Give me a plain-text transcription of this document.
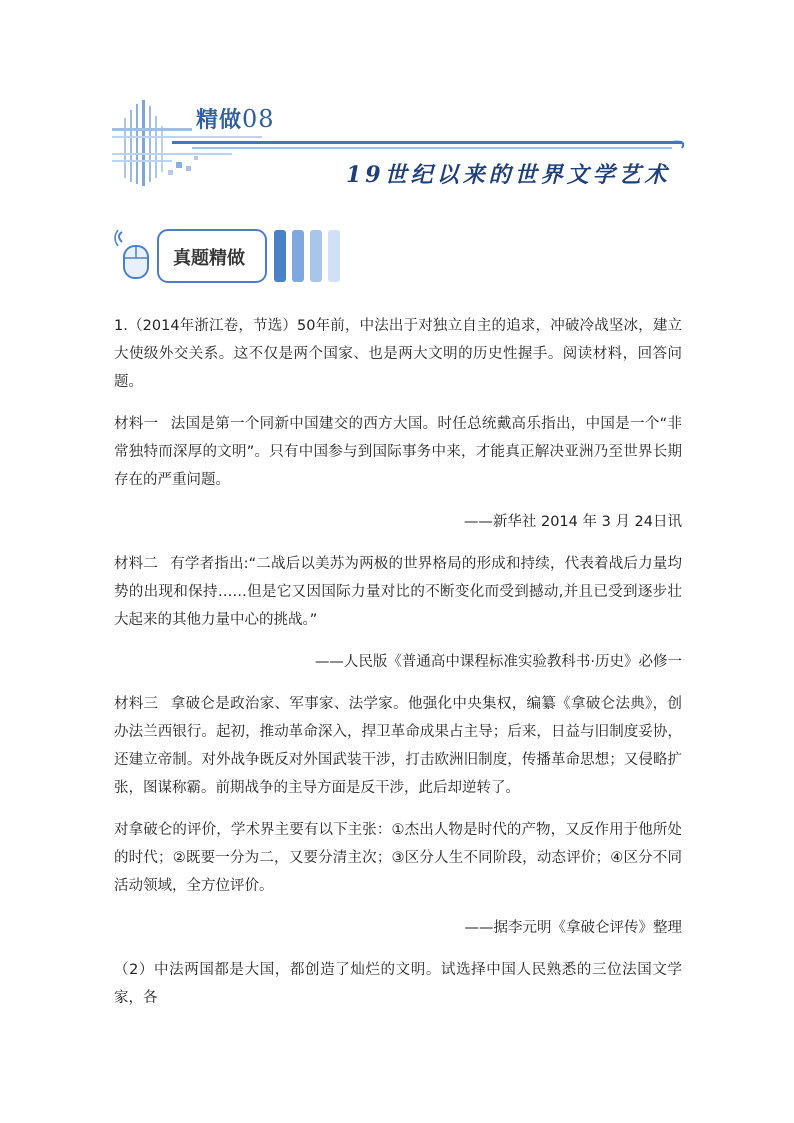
精做08
19世纪以来的世界文学艺术
真题精做

1.（2014年浙江卷，节选）50年前，中法出于对独立自主的追求，冲破冷战坚冰，建立大使级外交关系。这不仅是两个国家、也是两大文明的历史性握手。阅读材料，回答问题。

材料一 法国是第一个同新中国建交的西方大国。时任总统戴高乐指出，中国是一个“非常独特而深厚的文明”。只有中国参与到国际事务中来，才能真正解决亚洲乃至世界长期存在的严重问题。

——新华社 2014 年 3 月 24日讯

材料二 有学者指出:“二战后以美苏为两极的世界格局的形成和持续，代表着战后力量均势的出现和保持……但是它又因国际力量对比的不断变化而受到撼动,并且已受到逐步壮大起来的其他力量中心的挑战。”

——人民版《普通高中课程标准实验教科书·历史》必修一

材料三 拿破仑是政治家、军事家、法学家。他强化中央集权，编纂《拿破仑法典》，创办法兰西银行。起初，推动革命深入，捍卫革命成果占主导；后来，日益与旧制度妥协，还建立帝制。对外战争既反对外国武装干涉，打击欧洲旧制度，传播革命思想；又侵略扩张，图谋称霸。前期战争的主导方面是反干涉，此后却逆转了。

对拿破仑的评价，学术界主要有以下主张：①杰出人物是时代的产物，又反作用于他所处的时代；②既要一分为二，又要分清主次；③区分人生不同阶段，动态评价；④区分不同活动领域，全方位评价。

——据李元明《拿破仑评传》整理

（2）中法两国都是大国，都创造了灿烂的文明。试选择中国人民熟悉的三位法国文学家，各
